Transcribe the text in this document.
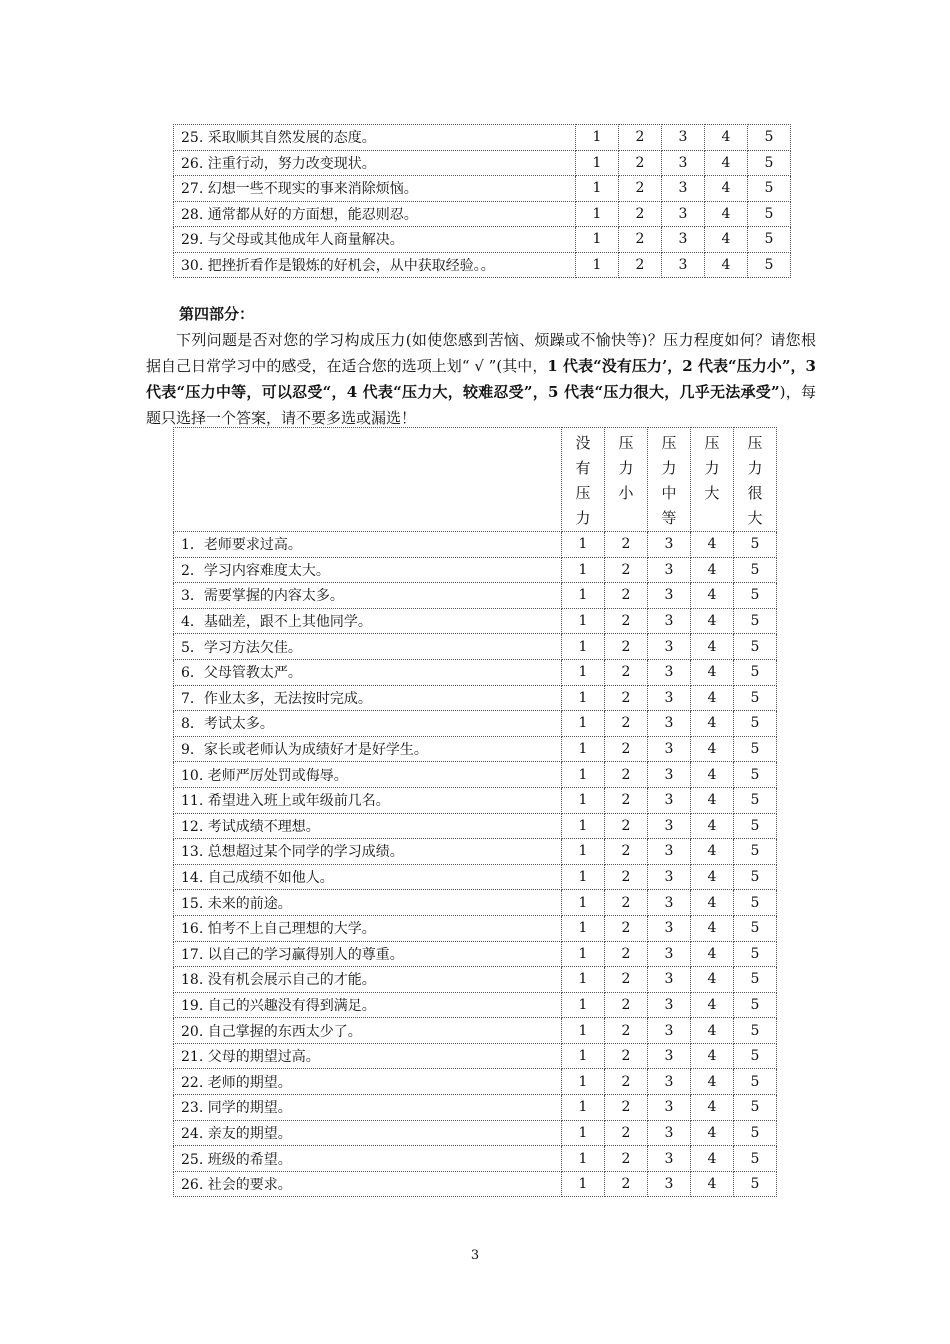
25. 采取顺其自然发展的态度。	1	2	3	4	5
26. 注重行动，努力改变现状。	1	2	3	4	5
27. 幻想一些不现实的事来消除烦恼。	1	2	3	4	5
28. 通常都从好的方面想，能忍则忍。	1	2	3	4	5
29. 与父母或其他成年人商量解决。	1	2	3	4	5
30. 把挫折看作是锻炼的好机会，从中获取经验。。	1	2	3	4	5
第四部分：
下列问题是否对您的学习构成压力(如使您感到苦恼、烦躁或不愉快等)？压力程度如何？请您根据自己日常学习中的感受，在适合您的选项上划“ √ ”(其中，1 代表“没有压力’，2 代表“压力小”，3 代表“压力中等，可以忍受“，4 代表“压力大，较难忍受”，5 代表“压力很大，几乎无法承受”)，每题只选择一个答案，请不要多选或漏选！

	没有压力	压力小	压力中等	压力大	压力很大

1．老师要求过高。	1	2	3	4	5
2．学习内容难度太大。	1	2	3	4	5
3．需要掌握的内容太多。	1	2	3	4	5
4．基础差，跟不上其他同学。	1	2	3	4	5
5．学习方法欠佳。	1	2	3	4	5
6．父母管教太严。	1	2	3	4	5
7．作业太多，无法按时完成。	1	2	3	4	5
8．考试太多。	1	2	3	4	5
9．家长或老师认为成绩好才是好学生。	1	2	3	4	5
10. 老师严厉处罚或侮辱。	1	2	3	4	5
11. 希望进入班上或年级前几名。	1	2	3	4	5
12. 考试成绩不理想。	1	2	3	4	5
13. 总想超过某个同学的学习成绩。	1	2	3	4	5
14. 自己成绩不如他人。	1	2	3	4	5
15. 未来的前途。	1	2	3	4	5
16. 怕考不上自己理想的大学。	1	2	3	4	5
17. 以自己的学习赢得别人的尊重。	1	2	3	4	5
18. 没有机会展示自己的才能。	1	2	3	4	5
19. 自己的兴趣没有得到满足。	1	2	3	4	5
20. 自己掌握的东西太少了。	1	2	3	4	5
21. 父母的期望过高。	1	2	3	4	5
22. 老师的期望。	1	2	3	4	5
23. 同学的期望。	1	2	3	4	5
24. 亲友的期望。	1	2	3	4	5
25. 班级的希望。	1	2	3	4	5
26. 社会的要求。	1	2	3	4	5
3
